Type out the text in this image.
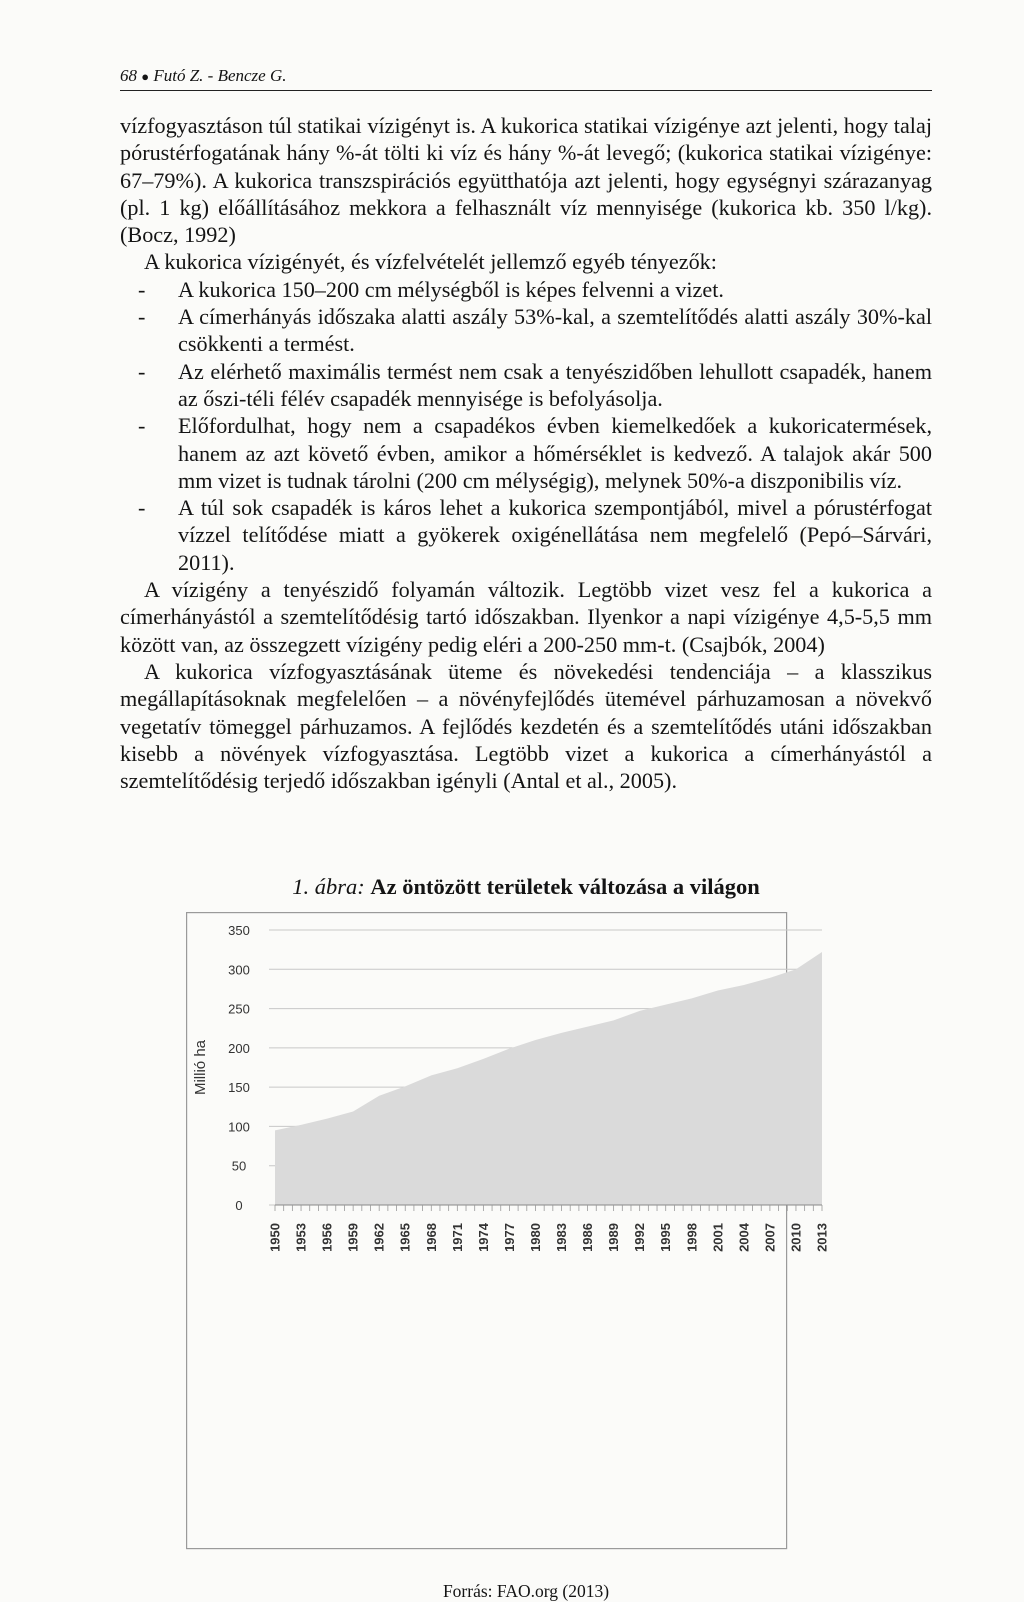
68 ● Futó Z. - Bencze G.

vízfogyasztáson túl statikai vízigényt is. A kukorica statikai vízigénye azt jelenti, hogy talaj pórustérfogatának hány %-át tölti ki víz és hány %-át levegő; (kukorica statikai vízigénye: 67–79%). A kukorica transzspirációs együtthatója azt jelenti, hogy egységnyi szárazanyag (pl. 1 kg) előállításához mekkora a felhasznált víz mennyisége (kukorica kb. 350 l/kg). (Bocz, 1992)

A kukorica vízigényét, és vízfelvételét jellemző egyéb tényezők:

- A kukorica 150–200 cm mélységből is képes felvenni a vizet.
- A címerhányás időszaka alatti aszály 53%-kal, a szemtelítődés alatti aszály 30%-kal csökkenti a termést.
- Az elérhető maximális termést nem csak a tenyészidőben lehullott csapadék, hanem az őszi-téli félév csapadék mennyisége is befolyásolja.
- Előfordulhat, hogy nem a csapadékos évben kiemelkedőek a kukoricatermések, hanem az azt követő évben, amikor a hőmérséklet is kedvező. A talajok akár 500 mm vizet is tudnak tárolni (200 cm mélységig), melynek 50%-a diszponibilis víz.
- A túl sok csapadék is káros lehet a kukorica szempontjából, mivel a pórustérfogat vízzel telítődése miatt a gyökerek oxigénellátása nem megfelelő (Pepó–Sárvári, 2011).

A vízigény a tenyészidő folyamán változik. Legtöbb vizet vesz fel a kukorica a címerhányástól a szemtelítődésig tartó időszakban. Ilyenkor a napi vízigénye 4,5-5,5 mm között van, az összegzett vízigény pedig eléri a 200-250 mm-t. (Csajbók, 2004)

A kukorica vízfogyasztásának üteme és növekedési tendenciája – a klasszikus megállapításoknak megfelelően – a növényfejlődés ütemével párhuzamosan a növekvő vegetatív tömeggel párhuzamos. A fejlődés kezdetén és a szemtelítődés utáni időszakban kisebb a növények vízfogyasztása. Legtöbb vizet a kukorica a címerhányástól a szemtelítődésig terjedő időszakban igényli (Antal et al., 2005).

1. ábra: Az öntözött területek változása a világon
0
50
100
150
200
250
300
350
1950 1953 1956 1959 1962 1965 1968 1971 1974 1977 1980 1983 1986 1989 1992 1995 1998 2001 2004 2007 2010 2013
Millió ha
Forrás: FAO.org (2013)
